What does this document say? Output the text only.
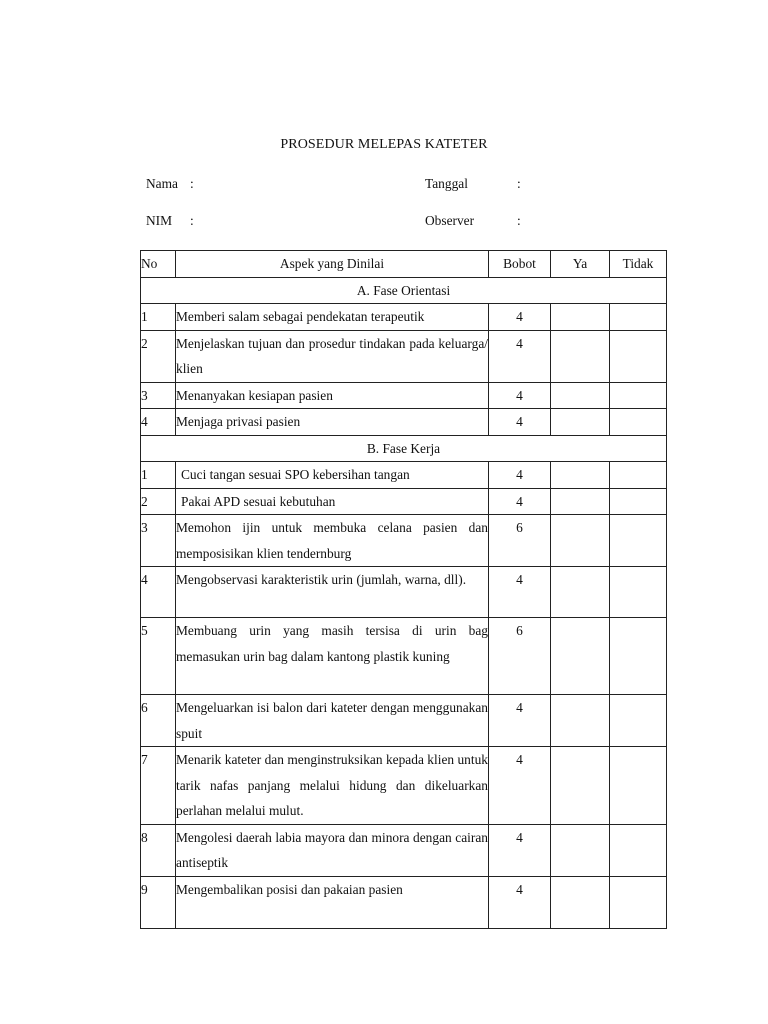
PROSEDUR MELEPAS KATETER
Nama :	Tanggal	:
NIM :	Observer	:
No	Aspek yang Dinilai	Bobot	Ya	Tidak
A. Fase Orientasi				
1	Memberi salam sebagai pendekatan terapeutik	4		
2	Menjelaskan tujuan dan prosedur tindakan pada keluarga/ klien	4		
3	Menanyakan kesiapan pasien	4		
4	Menjaga privasi pasien	4		
B. Fase Kerja				
1	Cuci tangan sesuai SPO kebersihan tangan	4		
2	Pakai APD sesuai kebutuhan	4		
3	Memohon ijin untuk membuka celana pasien dan memposisikan klien tendernburg	6		
4	Mengobservasi karakteristik urin (jumlah, warna, dll).	4		
5	Membuang urin yang masih tersisa di urin bag memasukan urin bag dalam kantong plastik kuning	6		
6	Mengeluarkan isi balon dari kateter dengan menggunakan spuit	4		
7	Menarik kateter dan menginstruksikan kepada klien untuk tarik nafas panjang melalui hidung dan dikeluarkan perlahan melalui mulut.	4		
8	Mengolesi daerah labia mayora dan minora dengan cairan antiseptik	4		
9	Mengembalikan posisi dan pakaian pasien	4		
